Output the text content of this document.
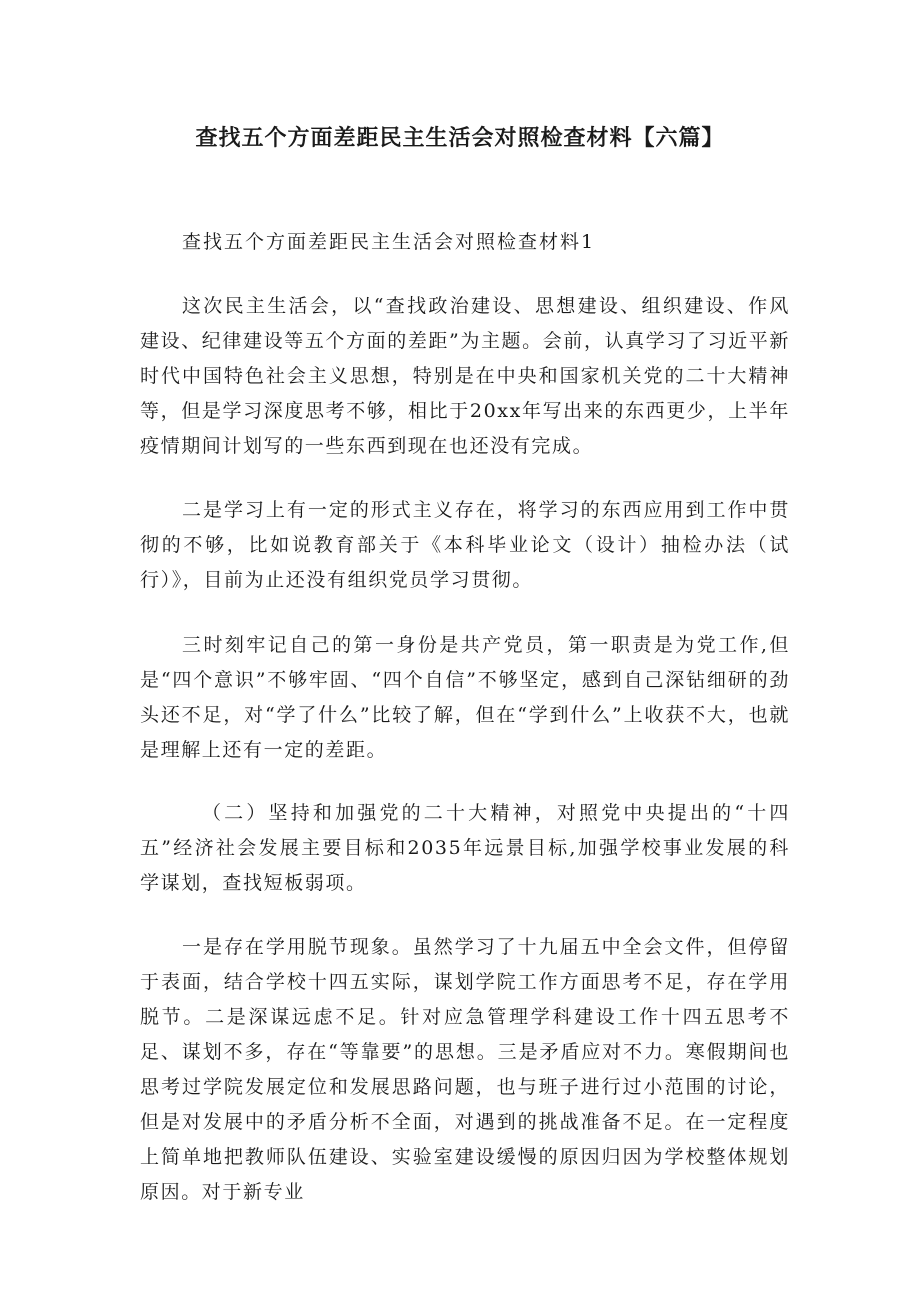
查找五个方面差距民主生活会对照检查材料【六篇】

查找五个方面差距民主生活会对照检查材料1

这次民主生活会，以“查找政治建设、思想建设、组织建设、作风建设、纪律建设等五个方面的差距”为主题。会前，认真学习了习近平新时代中国特色社会主义思想，特别是在中央和国家机关党的二十大精神等，但是学习深度思考不够，相比于20xx年写出来的东西更少，上半年疫情期间计划写的一些东西到现在也还没有完成。

二是学习上有一定的形式主义存在，将学习的东西应用到工作中贯彻的不够，比如说教育部关于《本科毕业论文（设计）抽检办法（试行）》，目前为止还没有组织党员学习贯彻。

三时刻牢记自己的第一身份是共产党员，第一职责是为党工作,但是“四个意识”不够牢固、“四个自信”不够坚定，感到自己深钻细研的劲头还不足，对“学了什么”比较了解，但在“学到什么”上收获不大，也就是理解上还有一定的差距。

（二）坚持和加强党的二十大精神，对照党中央提出的“十四五”经济社会发展主要目标和2035年远景目标,加强学校事业发展的科学谋划，查找短板弱项。

一是存在学用脱节现象。虽然学习了十九届五中全会文件，但停留于表面，结合学校十四五实际，谋划学院工作方面思考不足，存在学用脱节。二是深谋远虑不足。针对应急管理学科建设工作十四五思考不足、谋划不多，存在“等靠要”的思想。三是矛盾应对不力。寒假期间也思考过学院发展定位和发展思路问题，也与班子进行过小范围的讨论，但是对发展中的矛盾分析不全面，对遇到的挑战准备不足。在一定程度上简单地把教师队伍建设、实验室建设缓慢的原因归因为学校整体规划原因。对于新专业
